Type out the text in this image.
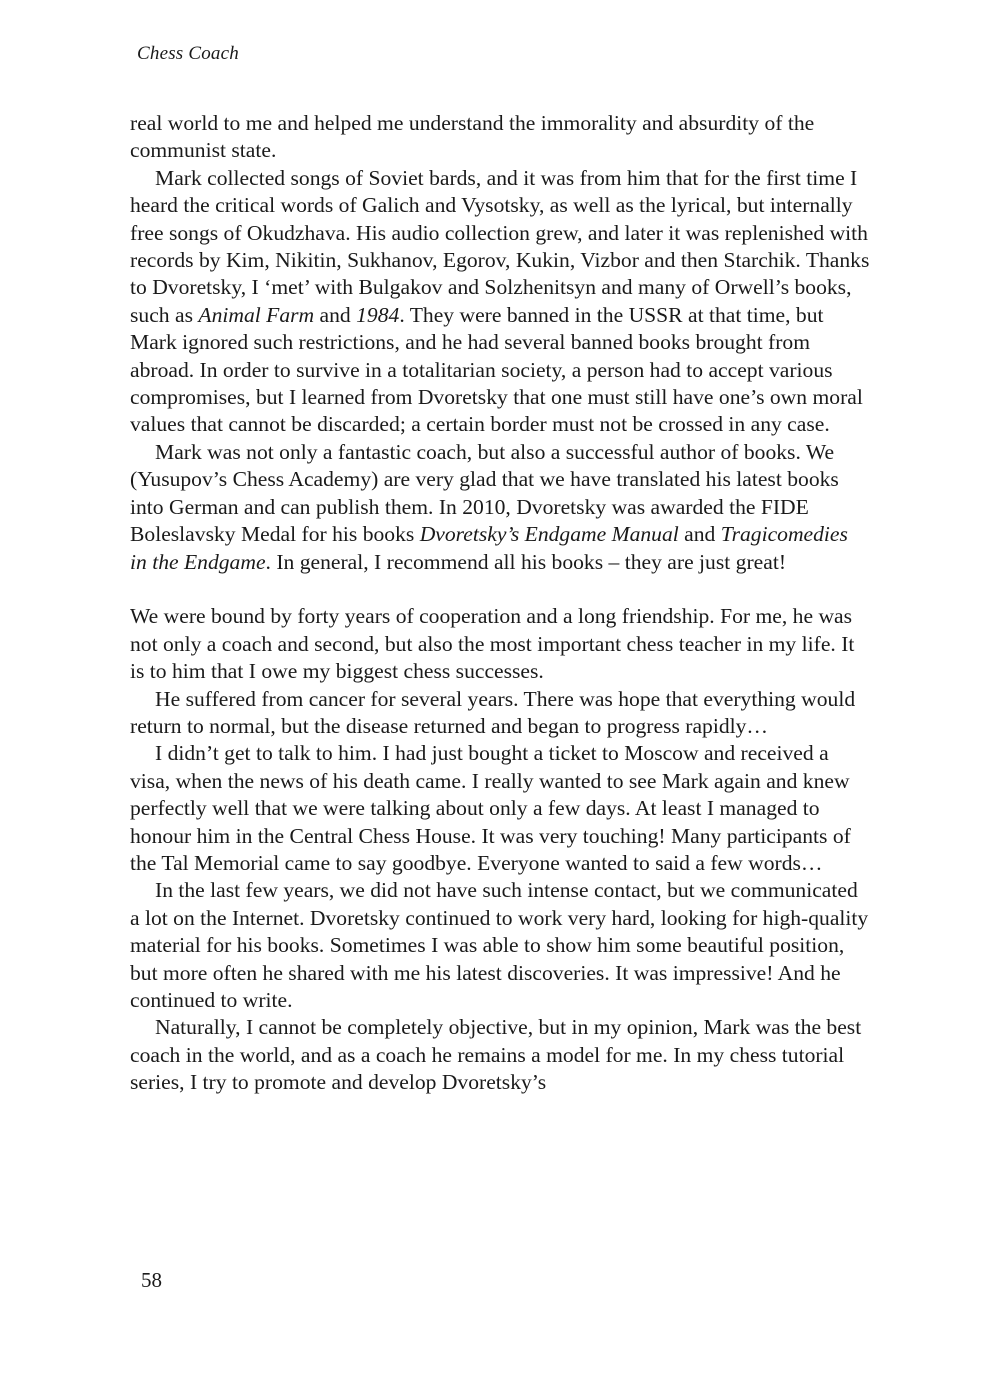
Chess Coach

real world to me and helped me understand the immorality and absurdity of the communist state.

Mark collected songs of Soviet bards, and it was from him that for the first time I heard the critical words of Galich and Vysotsky, as well as the lyrical, but internally free songs of Okudzhava. His audio collection grew, and later it was replenished with records by Kim, Nikitin, Sukhanov, Egorov, Kukin, Vizbor and then Starchik. Thanks to Dvoretsky, I ‘met’ with Bulgakov and Solzhenitsyn and many of Orwell’s books, such as Animal Farm and 1984. They were banned in the USSR at that time, but Mark ignored such restrictions, and he had several banned books brought from abroad. In order to survive in a totalitarian society, a person had to accept various compromises, but I learned from Dvoretsky that one must still have one’s own moral values that cannot be discarded; a certain border must not be crossed in any case.

Mark was not only a fantastic coach, but also a successful author of books. We (Yusupov’s Chess Academy) are very glad that we have translated his latest books into German and can publish them. In 2010, Dvoretsky was awarded the FIDE Boleslavsky Medal for his books Dvoretsky’s Endgame Manual and Tragicomedies in the Endgame. In general, I recommend all his books – they are just great!

We were bound by forty years of cooperation and a long friendship. For me, he was not only a coach and second, but also the most important chess teacher in my life. It is to him that I owe my biggest chess successes.

He suffered from cancer for several years. There was hope that everything would return to normal, but the disease returned and began to progress rapidly…

I didn’t get to talk to him. I had just bought a ticket to Moscow and received a visa, when the news of his death came. I really wanted to see Mark again and knew perfectly well that we were talking about only a few days. At least I managed to honour him in the Central Chess House. It was very touching! Many participants of the Tal Memorial came to say goodbye. Everyone wanted to said a few words…

In the last few years, we did not have such intense contact, but we communicated a lot on the Internet. Dvoretsky continued to work very hard, looking for high-quality material for his books. Sometimes I was able to show him some beautiful position, but more often he shared with me his latest discoveries. It was impressive! And he continued to write.

Naturally, I cannot be completely objective, but in my opinion, Mark was the best coach in the world, and as a coach he remains a model for me. In my chess tutorial series, I try to promote and develop Dvoretsky’s

58
